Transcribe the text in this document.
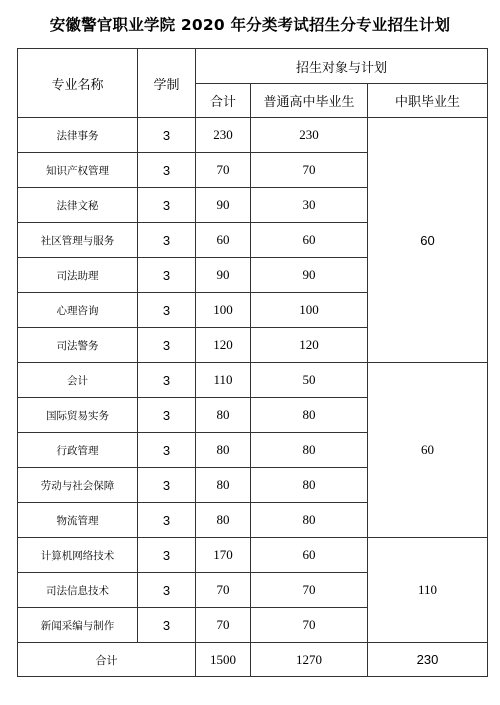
安徽警官职业学院 2020 年分类考试招生分专业招生计划
专业名称	学制	招生对象与计划		
		合计	普通高中毕业生	中职毕业生
法律事务	3	230	230	60
知识产权管理	3	70	70	
法律文秘	3	90	30	
社区管理与服务	3	60	60	
司法助理	3	90	90	
心理咨询	3	100	100	
司法警务	3	120	120	
会计	3	110	50	60
国际贸易实务	3	80	80	
行政管理	3	80	80	
劳动与社会保障	3	80	80	
物流管理	3	80	80	
计算机网络技术	3	170	60	110
司法信息技术	3	70	70	
新闻采编与制作	3	70	70	
合计		1500	1270	230
